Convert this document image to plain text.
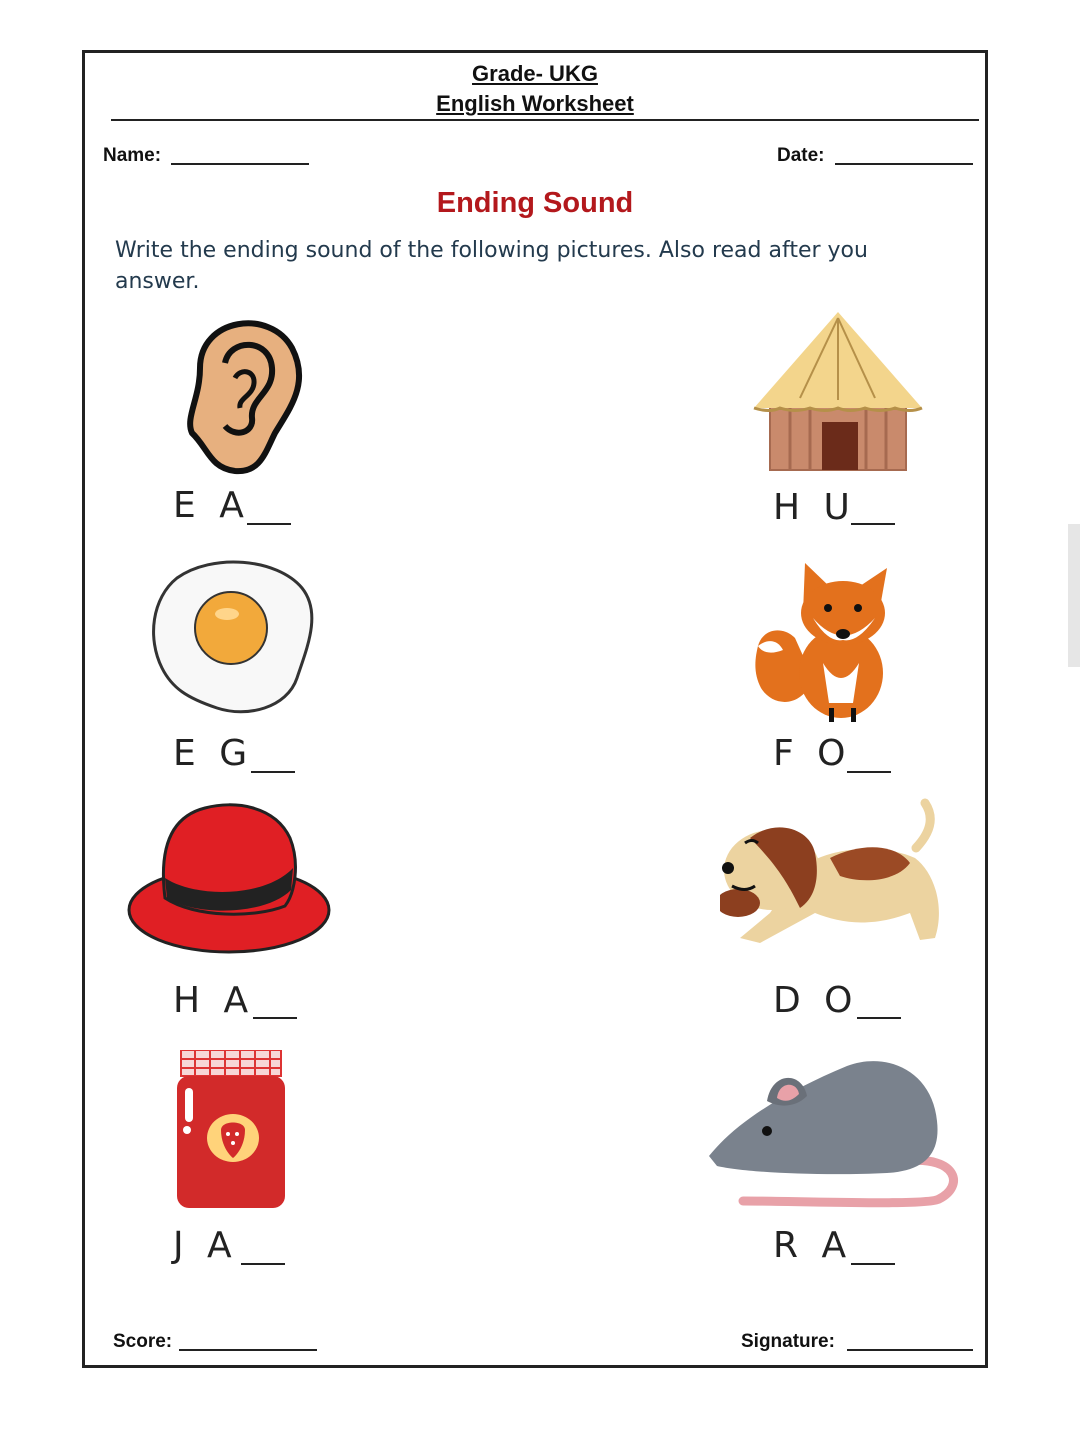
Grade- UKG
English Worksheet
Name:	Date:
Ending Sound
Write the ending sound of the following pictures. Also read after you answer.
E A	H U
E G	F O
H A	D O
J A	R A
Score:	Signature:
